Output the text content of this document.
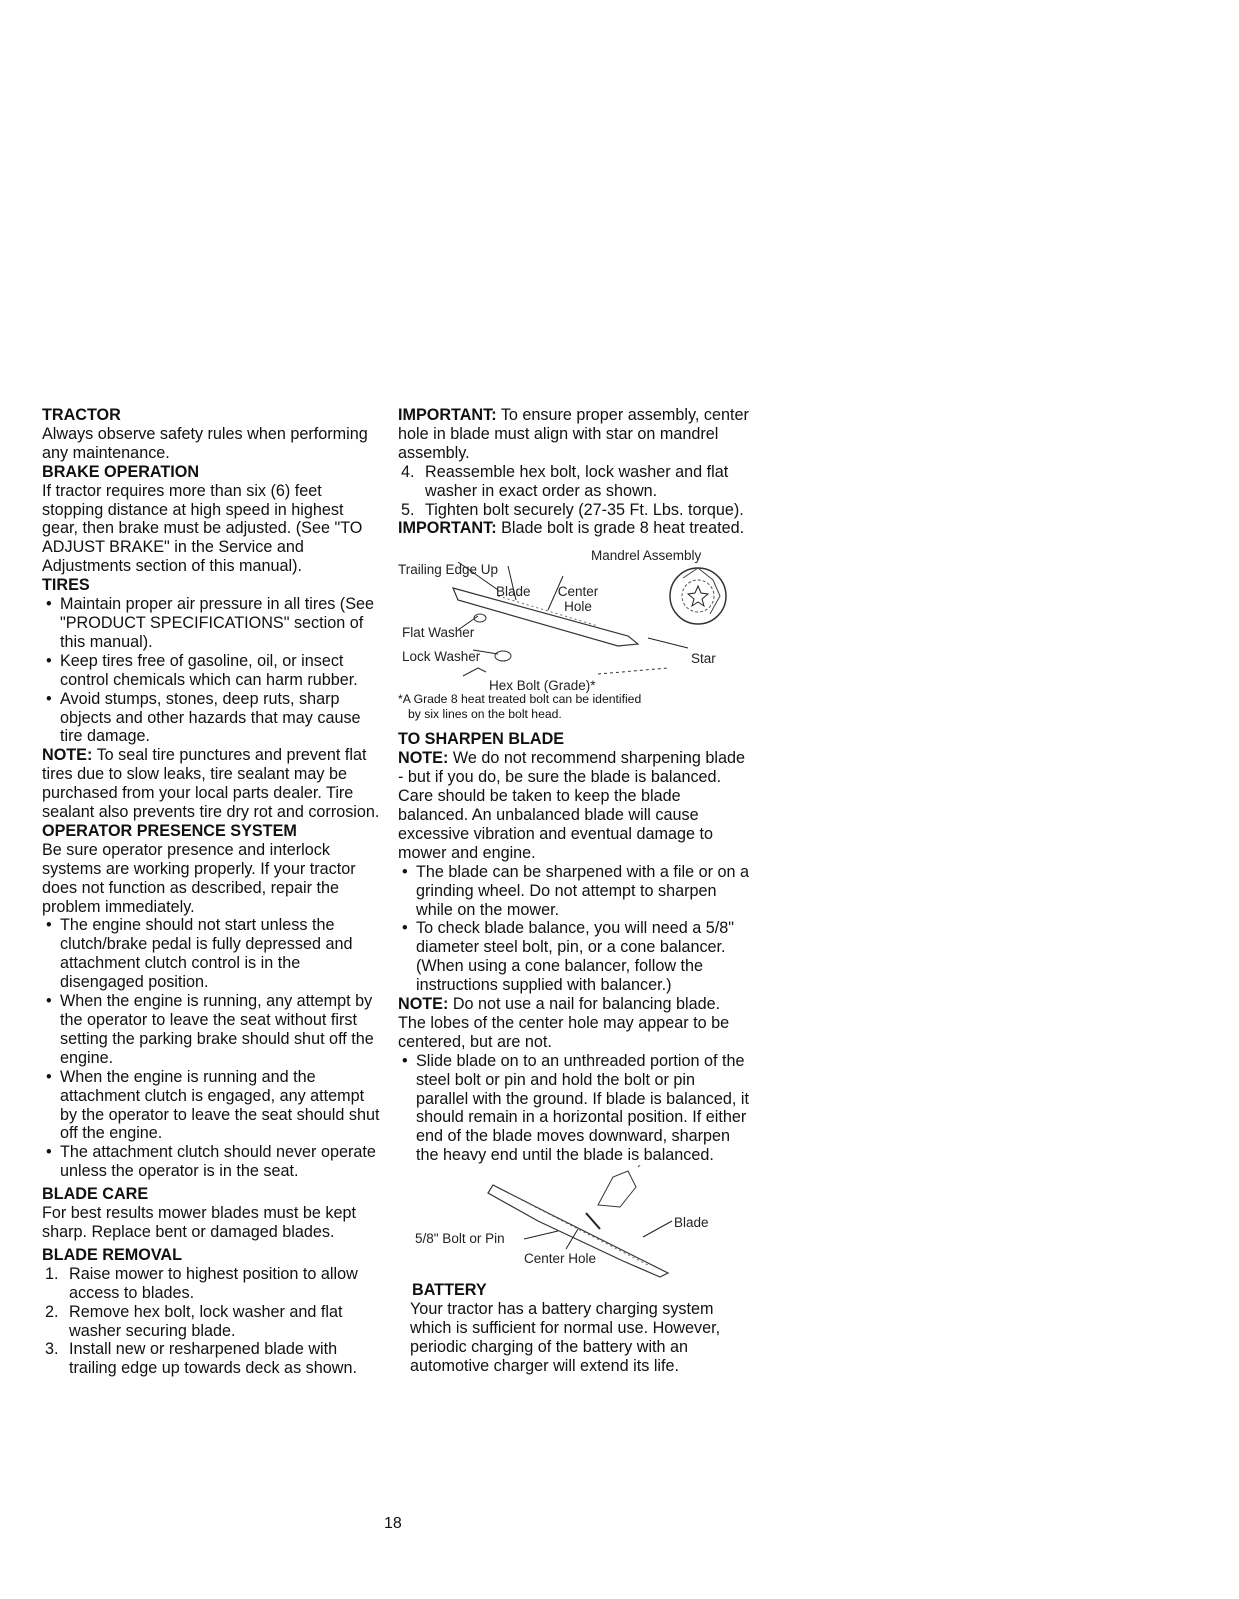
TRACTOR

Always observe safety rules when performing any maintenance.

BRAKE OPERATION

If tractor requires more than six (6) feet stopping distance at high speed in highest gear, then brake must be adjusted. (See "TO ADJUST BRAKE" in the Service and Adjustments section of this manual).

TIRES

• Maintain proper air pressure in all tires (See "PRODUCT SPECIFICATIONS" section of this manual).
• Keep tires free of gasoline, oil, or insect control chemicals which can harm rubber.
• Avoid stumps, stones, deep ruts, sharp objects and other hazards that may cause tire damage.

NOTE: To seal tire punctures and prevent flat tires due to slow leaks, tire sealant may be purchased from your local parts dealer. Tire sealant also prevents tire dry rot and corrosion.

OPERATOR PRESENCE SYSTEM

Be sure operator presence and interlock systems are working properly. If your tractor does not function as described, repair the problem immediately.

• The engine should not start unless the clutch/brake pedal is fully depressed and attachment clutch control is in the disengaged position.
• When the engine is running, any attempt by the operator to leave the seat without first setting the parking brake should shut off the engine.
• When the engine is running and the attachment clutch is engaged, any attempt by the operator to leave the seat should shut off the engine.
• The attachment clutch should never operate unless the operator is in the seat.

BLADE CARE

For best results mower blades must be kept sharp. Replace bent or damaged blades.

BLADE REMOVAL

1. Raise mower to highest position to allow access to blades.
2. Remove hex bolt, lock washer and flat washer securing blade.
3. Install new or resharpened blade with trailing edge up towards deck as shown.

IMPORTANT: To ensure proper assembly, center hole in blade must align with star on mandrel assembly.

4. Reassemble hex bolt, lock washer and flat washer in exact order as shown.
5. Tighten bolt securely (27-35 Ft. Lbs. torque).

IMPORTANT: Blade bolt is grade 8 heat treated.

Trailing Edge Up
Mandrel Assembly
Blade Center Hole
Flat Washer
Lock Washer	Star
Hex Bolt (Grade)*
*A Grade 8 heat treated bolt can be identified
by six lines on the bolt head.

TO SHARPEN BLADE

NOTE: We do not recommend sharpening blade - but if you do, be sure the blade is balanced.

Care should be taken to keep the blade balanced. An unbalanced blade will cause excessive vibration and eventual damage to mower and engine.

• The blade can be sharpened with a file or on a grinding wheel. Do not attempt to sharpen while on the mower.
• To check blade balance, you will need a 5/8" diameter steel bolt, pin, or a cone balancer. (When using a cone balancer, follow the instructions supplied with balancer.)

NOTE: Do not use a nail for balancing blade. The lobes of the center hole may appear to be centered, but are not.

• Slide blade on to an unthreaded portion of the steel bolt or pin and hold the bolt or pin parallel with the ground. If blade is balanced, it should remain in a horizontal position. If either end of the blade moves downward, sharpen the heavy end until the blade is balanced.
5/8" Bolt or Pin
Blade
Center Hole

BATTERY

Your tractor has a battery charging system which is sufficient for normal use. However, periodic charging of the battery with an automotive charger will extend its life.

18
